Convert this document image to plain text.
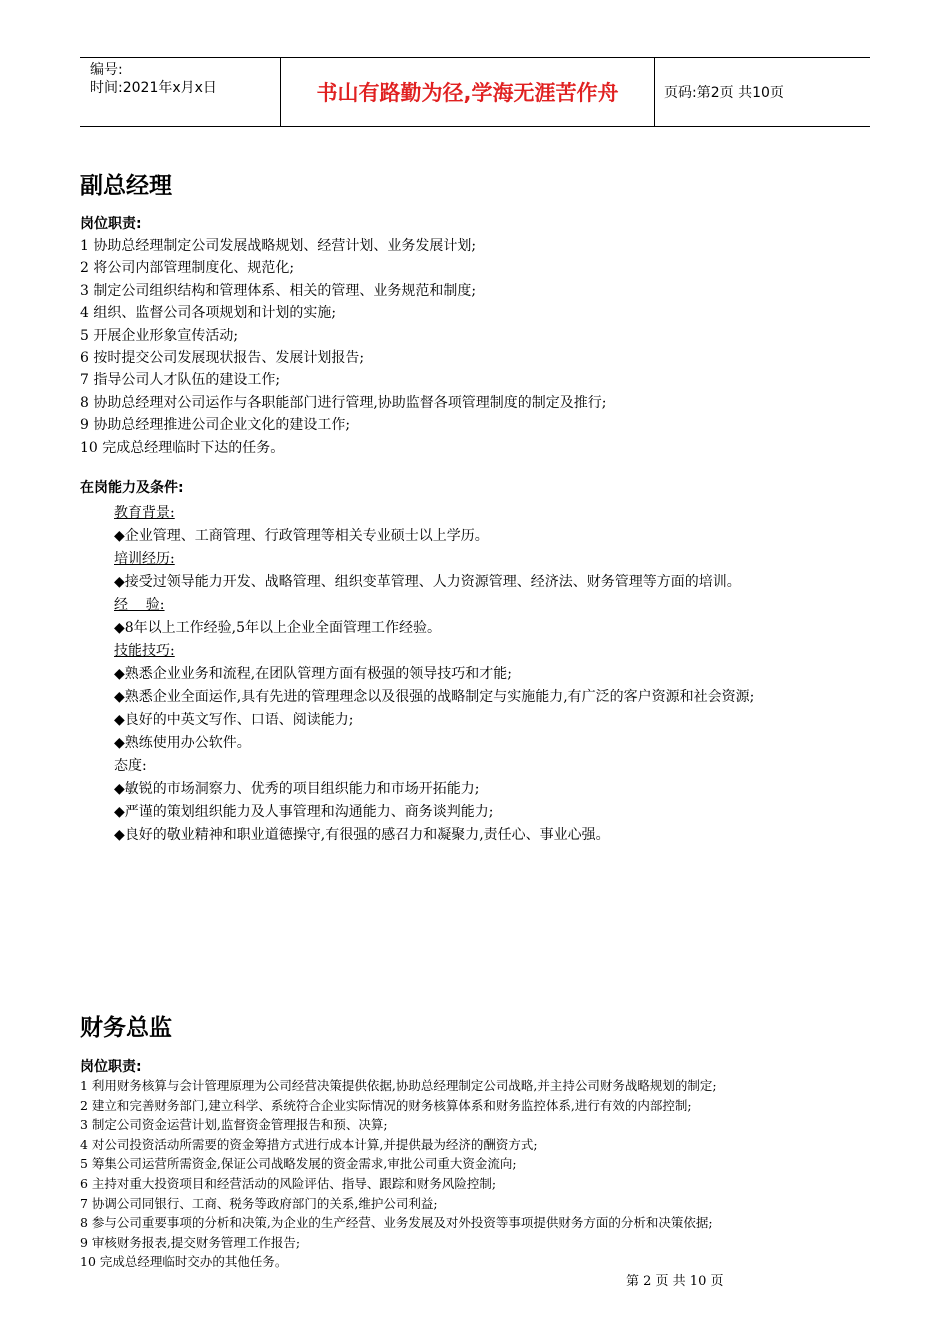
编号:
时间:2021年x月x日	书山有路勤为径,学海无涯苦作舟	页码:第2页 共10页
副总经理
岗位职责:
1 协助总经理制定公司发展战略规划、经营计划、业务发展计划;
2 将公司内部管理制度化、规范化;
3 制定公司组织结构和管理体系、相关的管理、业务规范和制度;
4 组织、监督公司各项规划和计划的实施;
5 开展企业形象宣传活动;
6 按时提交公司发展现状报告、发展计划报告;
7 指导公司人才队伍的建设工作;
8 协助总经理对公司运作与各职能部门进行管理,协助监督各项管理制度的制定及推行;
9 协助总经理推进公司企业文化的建设工作;
10 完成总经理临时下达的任务。
在岗能力及条件:
教育背景:
◆企业管理、工商管理、行政管理等相关专业硕士以上学历。
培训经历:
◆接受过领导能力开发、战略管理、组织变革管理、人力资源管理、经济法、财务管理等方面的培训。
经    验:
◆8年以上工作经验,5年以上企业全面管理工作经验。
技能技巧:
◆熟悉企业业务和流程,在团队管理方面有极强的领导技巧和才能;
◆熟悉企业全面运作,具有先进的管理理念以及很强的战略制定与实施能力,有广泛的客户资源和社会资源;
◆良好的中英文写作、口语、阅读能力;
◆熟练使用办公软件。
态度:
◆敏锐的市场洞察力、优秀的项目组织能力和市场开拓能力;
◆严谨的策划组织能力及人事管理和沟通能力、商务谈判能力;
◆良好的敬业精神和职业道德操守,有很强的感召力和凝聚力,责任心、事业心强。
财务总监
岗位职责:
1 利用财务核算与会计管理原理为公司经营决策提供依据,协助总经理制定公司战略,并主持公司财务战略规划的制定;
2 建立和完善财务部门,建立科学、系统符合企业实际情况的财务核算体系和财务监控体系,进行有效的内部控制;
3 制定公司资金运营计划,监督资金管理报告和预、决算;
4 对公司投资活动所需要的资金筹措方式进行成本计算,并提供最为经济的酬资方式;
5 筹集公司运营所需资金,保证公司战略发展的资金需求,审批公司重大资金流向;
6 主持对重大投资项目和经营活动的风险评估、指导、跟踪和财务风险控制;
7 协调公司同银行、工商、税务等政府部门的关系,维护公司利益;
8 参与公司重要事项的分析和决策,为企业的生产经营、业务发展及对外投资等事项提供财务方面的分析和决策依据;
9 审核财务报表,提交财务管理工作报告;
10 完成总经理临时交办的其他任务。
第 2 页 共 10 页
